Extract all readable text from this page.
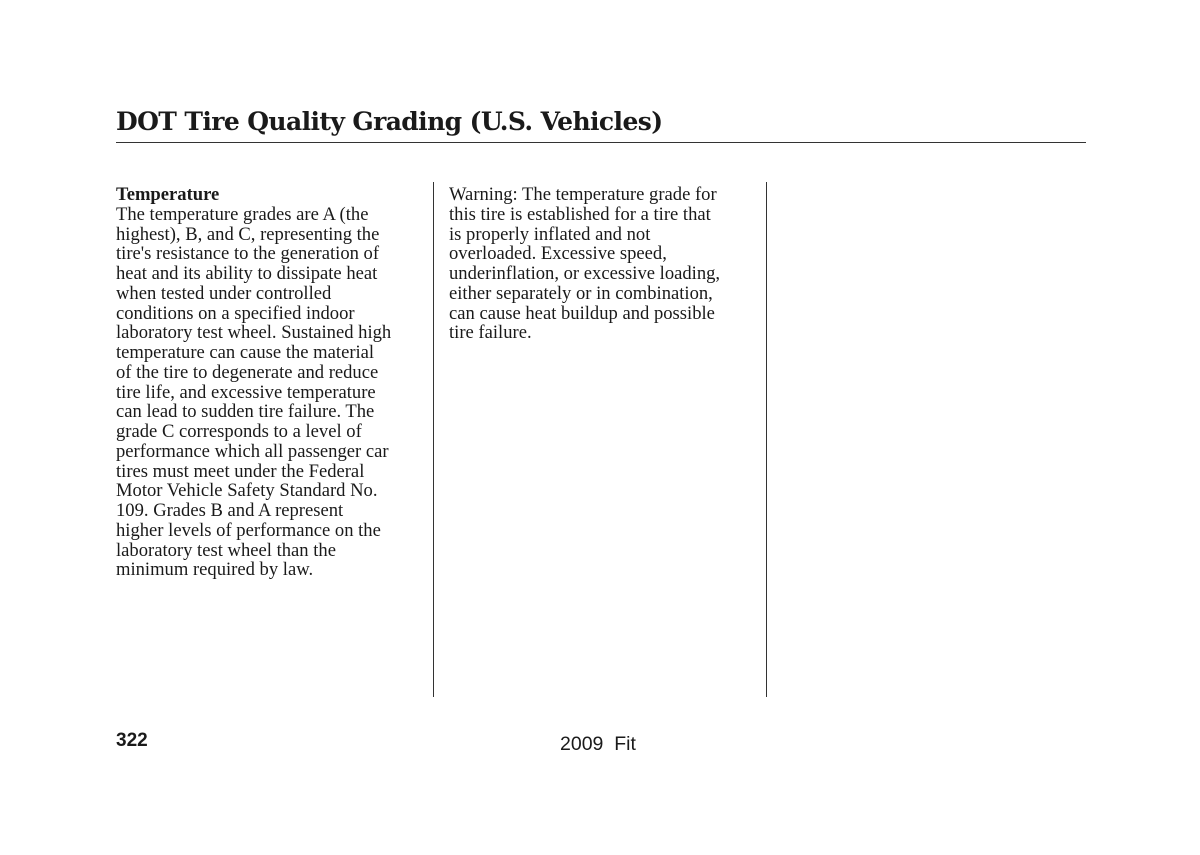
DOT Tire Quality Grading (U.S. Vehicles)
Temperature
The temperature grades are A (the
highest), B, and C, representing the
tire's resistance to the generation of
heat and its ability to dissipate heat
when tested under controlled
conditions on a specified indoor
laboratory test wheel. Sustained high
temperature can cause the material
of the tire to degenerate and reduce
tire life, and excessive temperature
can lead to sudden tire failure. The
grade C corresponds to a level of
performance which all passenger car
tires must meet under the Federal
Motor Vehicle Safety Standard No.
109. Grades B and A represent
higher levels of performance on the
laboratory test wheel than the
minimum required by law.
Warning: The temperature grade for
this tire is established for a tire that
is properly inflated and not
overloaded. Excessive speed,
underinflation, or excessive loading,
either separately or in combination,
can cause heat buildup and possible
tire failure.
322	2009  Fit
